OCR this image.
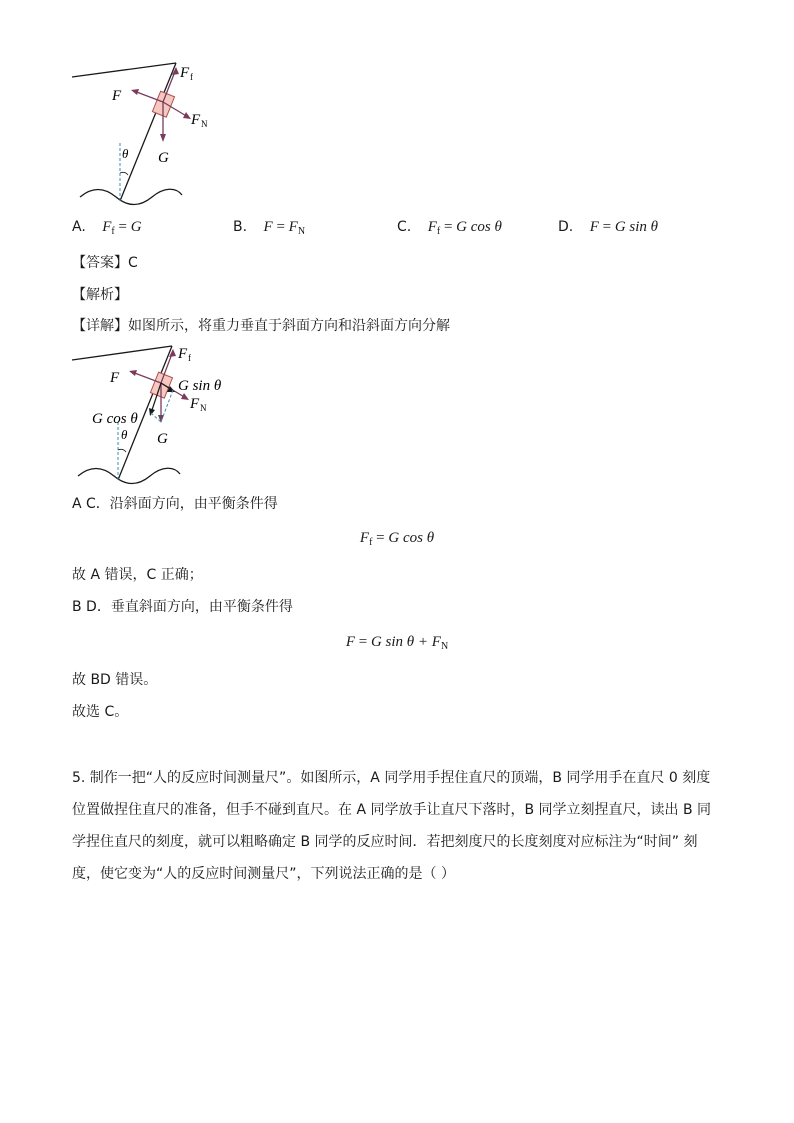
F f
F
F N
G
θ
A. $F_f = G$	B. $F = F_N$	C. $F_f = G$ cos θ	D. F = G sin θ
【答案】C
【解析】
【详解】如图所示，将重力垂直于斜面方向和沿斜面方向分解
F f
F	G sin θ
F N
G cos θ
G
θ
A C．沿斜面方向，由平衡条件得
$F_f = G$ cos θ
故 A 错误，C 正确；
B D．垂直斜面方向，由平衡条件得
F = G $\sin \theta + F_N$
故 BD 错误。
故选 C。
5. 制作一把“人的反应时间测量尺”。如图所示，A 同学用手捏住直尺的顶端，B 同学用手在直尺 0 刻度
位置做捏住直尺的准备，但手不碰到直尺。在 A 同学放手让直尺下落时，B 同学立刻捏直尺，读出 B 同
学捏住直尺的刻度，就可以粗略确定 B 同学的反应时间．若把刻度尺的长度刻度对应标注为“时间” 刻
度，使它变为“人的反应时间测量尺”，下列说法正确的是（ ）
